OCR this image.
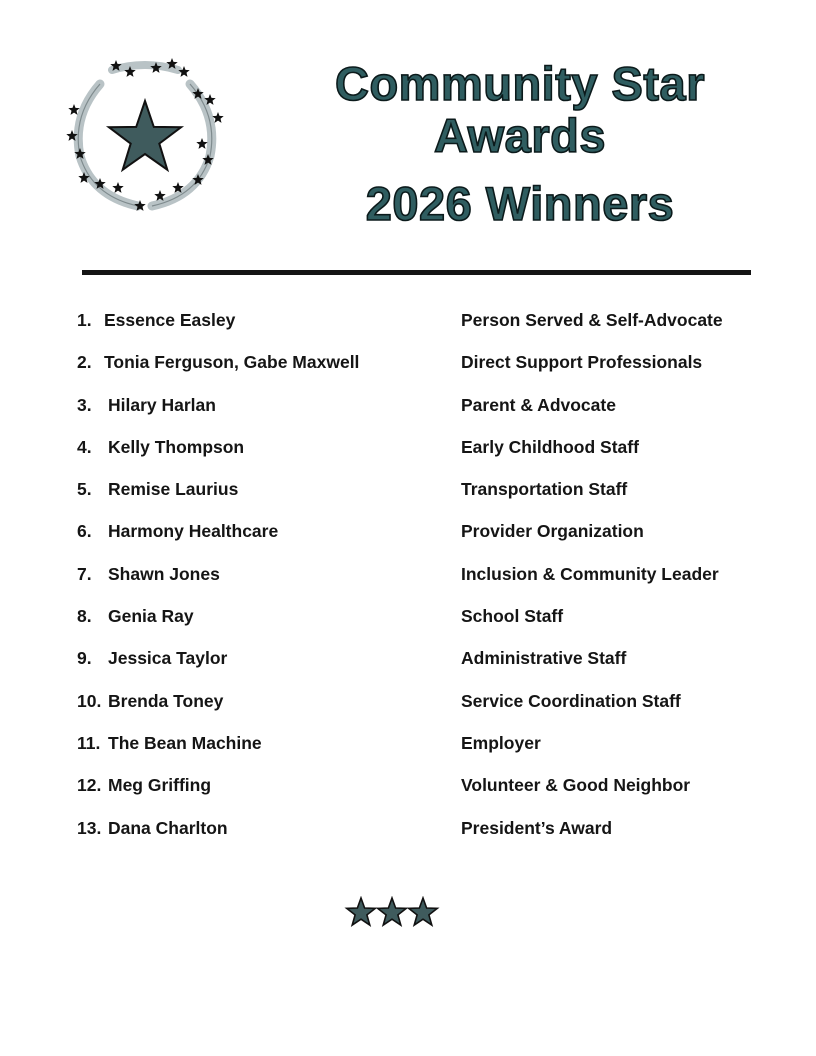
Community Star
Awards
2026 Winners
1. Essence Easley	Person Served & Self-Advocate
2. Tonia Ferguson, Gabe Maxwell	Direct Support Professionals
3. Hilary Harlan	Parent & Advocate
4. Kelly Thompson	Early Childhood Staff
5. Remise Laurius	Transportation Staff
6. Harmony Healthcare	Provider Organization
7. Shawn Jones	Inclusion & Community Leader
8. Genia Ray	School Staff
9. Jessica Taylor	Administrative Staff
10. Brenda Toney	Service Coordination Staff
11. The Bean Machine	Employer
12. Meg Griffing	Volunteer & Good Neighbor
13. Dana Charlton	President’s Award
